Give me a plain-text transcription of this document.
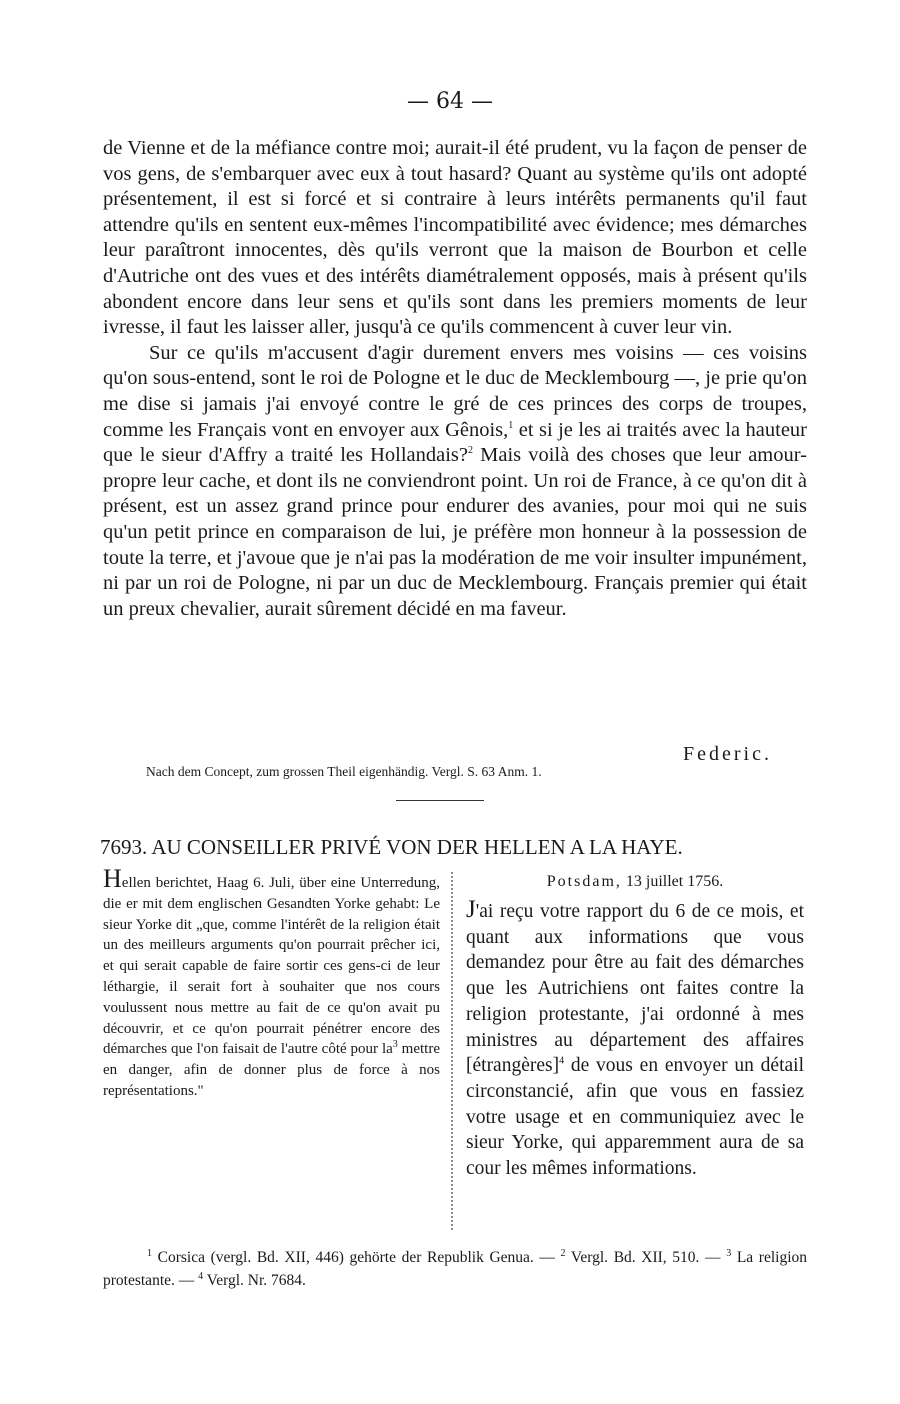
— 64 —

de Vienne et de la méfiance contre moi; aurait-il été prudent, vu la façon de penser de vos gens, de s'embarquer avec eux à tout hasard? Quant au système qu'ils ont adopté présentement, il est si forcé et si contraire à leurs intérêts permanents qu'il faut attendre qu'ils en sentent eux-mêmes l'incompatibilité avec évidence; mes démarches leur paraîtront innocentes, dès qu'ils verront que la maison de Bourbon et celle d'Autriche ont des vues et des intérêts diamétralement opposés, mais à présent qu'ils abondent encore dans leur sens et qu'ils sont dans les premiers moments de leur ivresse, il faut les laisser aller, jusqu'à ce qu'ils commencent à cuver leur vin.

Sur ce qu'ils m'accusent d'agir durement envers mes voisins — ces voisins qu'on sous-entend, sont le roi de Pologne et le duc de Mecklembourg —, je prie qu'on me dise si jamais j'ai envoyé contre le gré de ces princes des corps de troupes, comme les Français vont en envoyer aux Gênois,$^1$ et si je les ai traités avec la hauteur que le sieur d'Affry a traité les Hollandais?$^2$ Mais voilà des choses que leur amour-propre leur cache, et dont ils ne conviendront point. Un roi de France, à ce qu'on dit à présent, est un assez grand prince pour endurer des avanies, pour moi qui ne suis qu'un petit prince en comparaison de lui, je préfère mon honneur à la possession de toute la terre, et j'avoue que je n'ai pas la modération de me voir insulter impunément, ni par un roi de Pologne, ni par un duc de Mecklembourg. Français premier qui était un preux chevalier, aurait sûrement décidé en ma faveur.

Federic.
Nach dem Concept, zum grossen Theil eigenhändig. Vergl. S. 63 Anm. 1.
7693. AU CONSEILLER PRIVÉ VON DER HELLEN A LA HAYE.
Hellen berichtet, Haag 6. Juli, über eine Unterredung, die er mit dem englischen Gesandten Yorke gehabt: Le sieur Yorke dit „que, comme l'intérêt de la religion était un des meilleurs arguments qu'on pourrait prêcher ici, et qui serait capable de faire sortir ces gens-ci de leur léthargie, il serait fort à souhaiter que nos cours voulussent nous mettre au fait de ce qu'on avait pu découvrir, et ce qu'on pourrait pénétrer encore des démarches que l'on faisait de l'autre côté pour $la^3$ mettre en danger, afin de donner plus de force à nos représentations."
Potsdam, 13 juillet 1756.
J'ai reçu votre rapport du 6 de ce mois, et quant aux informations que vous demandez pour être au fait des démarches que les Autrichiens ont faites contre la religion protestante, j'ai ordonné à mes ministres au département des affaires [étrangères]$^4$ de vous en envoyer un détail circonstancié, afin que vous en fassiez votre usage et en communiquiez avec le sieur Yorke, qui apparemment aura de sa cour les mêmes informations.

$^1$ Corsica (vergl. Bd. XII, 446) gehörte der Republik Genua. — $^2$ Vergl. Bd. XII, 510. — $^3$ La religion protestante. — $^4$ Vergl. Nr. 7684.
